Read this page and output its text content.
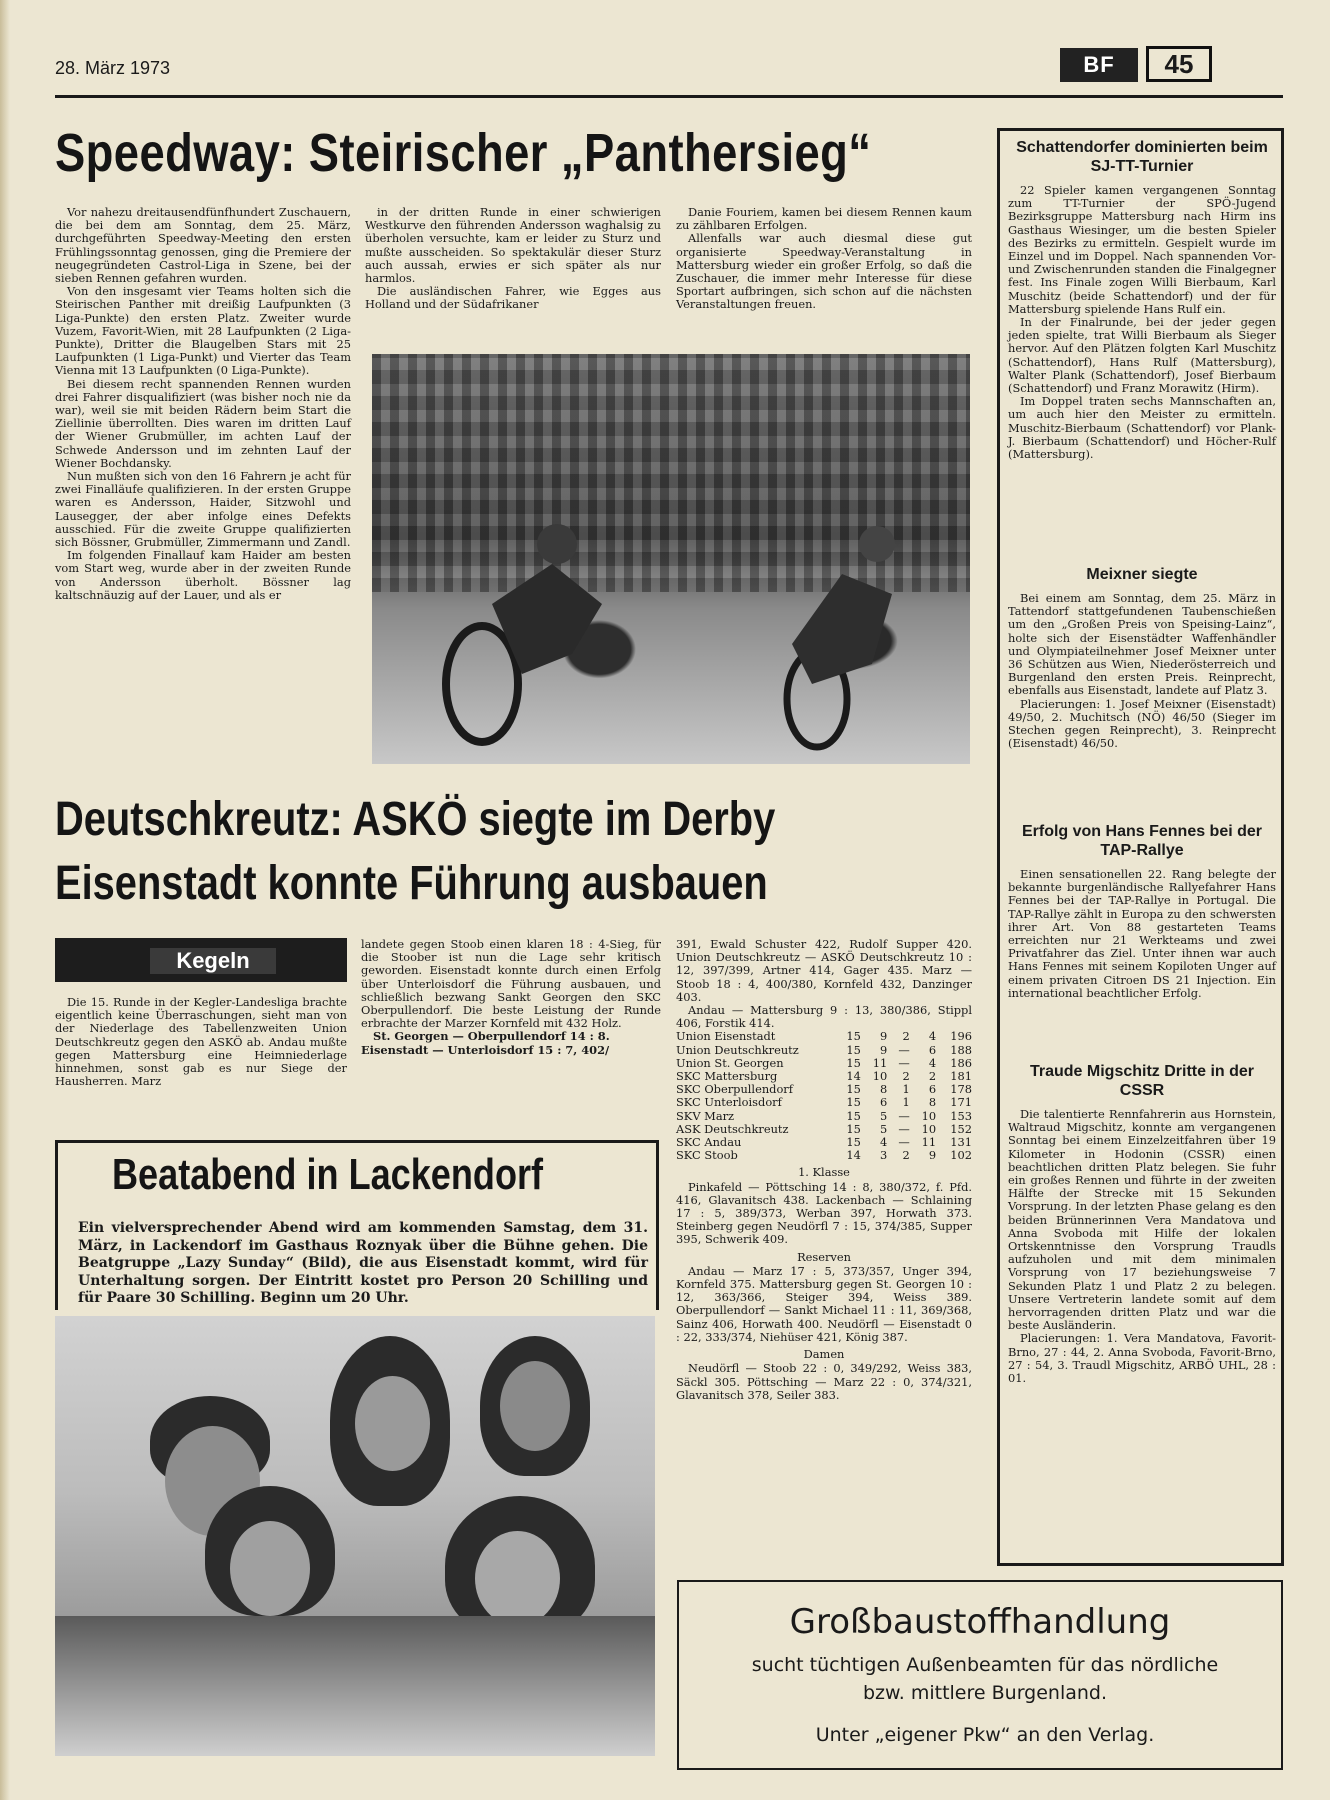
28. März 1973	BF	45
Speedway: Steirischer „Panthersieg“

Vor nahezu dreitausendfünfhundert Zuschauern, die bei dem am Sonntag, dem 25. März, durchgeführten Speedway-Meeting den ersten Frühlingssonntag genossen, ging die Premiere der neugegründeten Castrol-Liga in Szene, bei der sieben Rennen gefahren wurden.

Von den insgesamt vier Teams holten sich die Steirischen Panther mit dreißig Laufpunkten (3 Liga-Punkte) den ersten Platz. Zweiter wurde Vuzem, Favorit-Wien, mit 28 Laufpunkten (2 Liga-Punkte), Dritter die Blaugelben Stars mit 25 Laufpunkten (1 Liga-Punkt) und Vierter das Team Vienna mit 13 Laufpunkten (0 Liga-Punkte).

Bei diesem recht spannenden Rennen wurden drei Fahrer disqualifiziert (was bisher noch nie da war), weil sie mit beiden Rädern beim Start die Ziellinie überrollten. Dies waren im dritten Lauf der Wiener Grubmüller, im achten Lauf der Schwede Andersson und im zehnten Lauf der Wiener Bochdansky.

Nun mußten sich von den 16 Fahrern je acht für zwei Finalläufe qualifizieren. In der ersten Gruppe waren es Andersson, Haider, Sitzwohl und Lausegger, der aber infolge eines Defekts ausschied. Für die zweite Gruppe qualifizierten sich Bössner, Grubmüller, Zimmermann und Zandl.

Im folgenden Finallauf kam Haider am besten vom Start weg, wurde aber in der zweiten Runde von Andersson überholt. Bössner lag kaltschnäuzig auf der Lauer, und als er

in der dritten Runde in einer schwierigen Westkurve den führenden Andersson waghalsig zu überholen versuchte, kam er leider zu Sturz und mußte ausscheiden. So spektakulär dieser Sturz auch aussah, erwies er sich später als nur harmlos.

Die ausländischen Fahrer, wie Egges aus Holland und der Südafrikaner

Danie Fouriem, kamen bei diesem Rennen kaum zu zählbaren Erfolgen.

Allenfalls war auch diesmal diese gut organisierte Speedway-Veranstaltung in Mattersburg wieder ein großer Erfolg, so daß die Zuschauer, die immer mehr Interesse für diese Sportart aufbringen, sich schon auf die nächsten Veranstaltungen freuen.

Deutschkreutz: ASKÖ siegte im Derby
Eisenstadt konnte Führung ausbauen
Kegeln

Die 15. Runde in der Kegler-Landesliga brachte eigentlich keine Überraschungen, sieht man von der Niederlage des Tabellenzweiten Union Deutschkreutz gegen den ASKÖ ab. Andau mußte gegen Mattersburg eine Heimniederlage hinnehmen, sonst gab es nur Siege der Hausherren. Marz

landete gegen Stoob einen klaren 18 : 4-Sieg, für die Stoober ist nun die Lage sehr kritisch geworden. Eisenstadt konnte durch einen Erfolg über Unterloisdorf die Führung ausbauen, und schließlich bezwang Sankt Georgen den SKC Oberpullendorf. Die beste Leistung der Runde erbrachte der Marzer Kornfeld mit 432 Holz.

St. Georgen — Oberpullendorf 14 : 8.

Eisenstadt — Unterloisdorf 15 : 7, 402/

391, Ewald Schuster 422, Rudolf Supper 420. Union Deutschkreutz — ASKÖ Deutschkreutz 10 : 12, 397/399, Artner 414, Gager 435. Marz — Stoob 18 : 4, 400/380, Kornfeld 432, Danzinger 403.

Andau — Mattersburg 9 : 13, 380/386, Stippl 406, Forstik 414.

Union Eisenstadt	15	9	2	4	196
Union Deutschkreutz	15	9	—	6	188
Union St. Georgen	15	11	—	4	186
SKC Mattersburg	14	10	2	2	181
SKC Oberpullendorf	15	8	1	6	178
SKC Unterloisdorf	15	6	1	8	171
SKV Marz	15	5	—	10	153
ASK Deutschkreutz	15	5	—	10	152
SKC Andau	15	4	—	11	131
SKC Stoob	14	3	2	9	102
1. Klasse

Pinkafeld — Pöttsching 14 : 8, 380/372, f. Pfd. 416, Glavanitsch 438. Lackenbach — Schlaining 17 : 5, 389/373, Werban 397, Horwath 373. Steinberg gegen Neudörfl 7 : 15, 374/385, Supper 395, Schwerik 409.

Reserven

Andau — Marz 17 : 5, 373/357, Unger 394, Kornfeld 375. Mattersburg gegen St. Georgen 10 : 12, 363/366, Steiger 394, Weiss 389. Oberpullendorf — Sankt Michael 11 : 11, 369/368, Sainz 406, Horwath 400. Neudörfl — Eisenstadt 0 : 22, 333/374, Niehüser 421, König 387.

Damen

Neudörfl — Stoob 22 : 0, 349/292, Weiss 383, Säckl 305. Pöttsching — Marz 22 : 0, 374/321, Glavanitsch 378, Seiler 383.

Beatabend in Lackendorf
Ein vielversprechender Abend wird am kommenden Samstag, dem 31. März, in Lackendorf im Gasthaus Roznyak über die Bühne gehen. Die Beatgruppe „Lazy Sunday“ (Bild), die aus Eisenstadt kommt, wird für Unterhaltung sorgen. Der Eintritt kostet pro Person 20 Schilling und für Paare 30 Schilling. Beginn um 20 Uhr.
Schattendorfer dominierten beim SJ-TT-Turnier

22 Spieler kamen vergangenen Sonntag zum TT-Turnier der SPÖ-Jugend Bezirksgruppe Mattersburg nach Hirm ins Gasthaus Wiesinger, um die besten Spieler des Bezirks zu ermitteln. Gespielt wurde im Einzel und im Doppel. Nach spannenden Vor- und Zwischenrunden standen die Finalgegner fest. Ins Finale zogen Willi Bierbaum, Karl Muschitz (beide Schattendorf) und der für Mattersburg spielende Hans Rulf ein.

In der Finalrunde, bei der jeder gegen jeden spielte, trat Willi Bierbaum als Sieger hervor. Auf den Plätzen folgten Karl Muschitz (Schattendorf), Hans Rulf (Mattersburg), Walter Plank (Schattendorf), Josef Bierbaum (Schattendorf) und Franz Morawitz (Hirm).

Im Doppel traten sechs Mannschaften an, um auch hier den Meister zu ermitteln. Muschitz-Bierbaum (Schattendorf) vor Plank-J. Bierbaum (Schattendorf) und Höcher-Rulf (Mattersburg).

Meixner siegte

Bei einem am Sonntag, dem 25. März in Tattendorf stattgefundenen Taubenschießen um den „Großen Preis von Speising-Lainz“, holte sich der Eisenstädter Waffenhändler und Olympiateilnehmer Josef Meixner unter 36 Schützen aus Wien, Niederösterreich und Burgenland den ersten Preis. Reinprecht, ebenfalls aus Eisenstadt, landete auf Platz 3.

Placierungen: 1. Josef Meixner (Eisenstadt) 49/50, 2. Muchitsch (NÖ) 46/50 (Sieger im Stechen gegen Reinprecht), 3. Reinprecht (Eisenstadt) 46/50.

Erfolg von Hans Fennes bei der TAP-Rallye

Einen sensationellen 22. Rang belegte der bekannte burgenländische Rallyefahrer Hans Fennes bei der TAP-Rallye in Portugal. Die TAP-Rallye zählt in Europa zu den schwersten ihrer Art. Von 88 gestarteten Teams erreichten nur 21 Werkteams und zwei Privatfahrer das Ziel. Unter ihnen war auch Hans Fennes mit seinem Kopiloten Unger auf einem privaten Citroen DS 21 Injection. Ein international beachtlicher Erfolg.

Traude Migschitz Dritte in der CSSR

Die talentierte Rennfahrerin aus Hornstein, Waltraud Migschitz, konnte am vergangenen Sonntag bei einem Einzelzeitfahren über 19 Kilometer in Hodonin (CSSR) einen beachtlichen dritten Platz belegen. Sie fuhr ein großes Rennen und führte in der zweiten Hälfte der Strecke mit 15 Sekunden Vorsprung. In der letzten Phase gelang es den beiden Brünnerinnen Vera Mandatova und Anna Svoboda mit Hilfe der lokalen Ortskenntnisse den Vorsprung Traudls aufzuholen und mit dem minimalen Vorsprung von 17 beziehungsweise 7 Sekunden Platz 1 und Platz 2 zu belegen. Unsere Vertreterin landete somit auf dem hervorragenden dritten Platz und war die beste Ausländerin.

Placierungen: 1. Vera Mandatova, Favorit-Brno, 27 : 44, 2. Anna Svoboda, Favorit-Brno, 27 : 54, 3. Traudl Migschitz, ARBÖ UHL, 28 : 01.

Großbaustoffhandlung
sucht tüchtigen Außenbeamten für das nördliche
bzw. mittlere Burgenland.
Unter „eigener Pkw“ an den Verlag.
